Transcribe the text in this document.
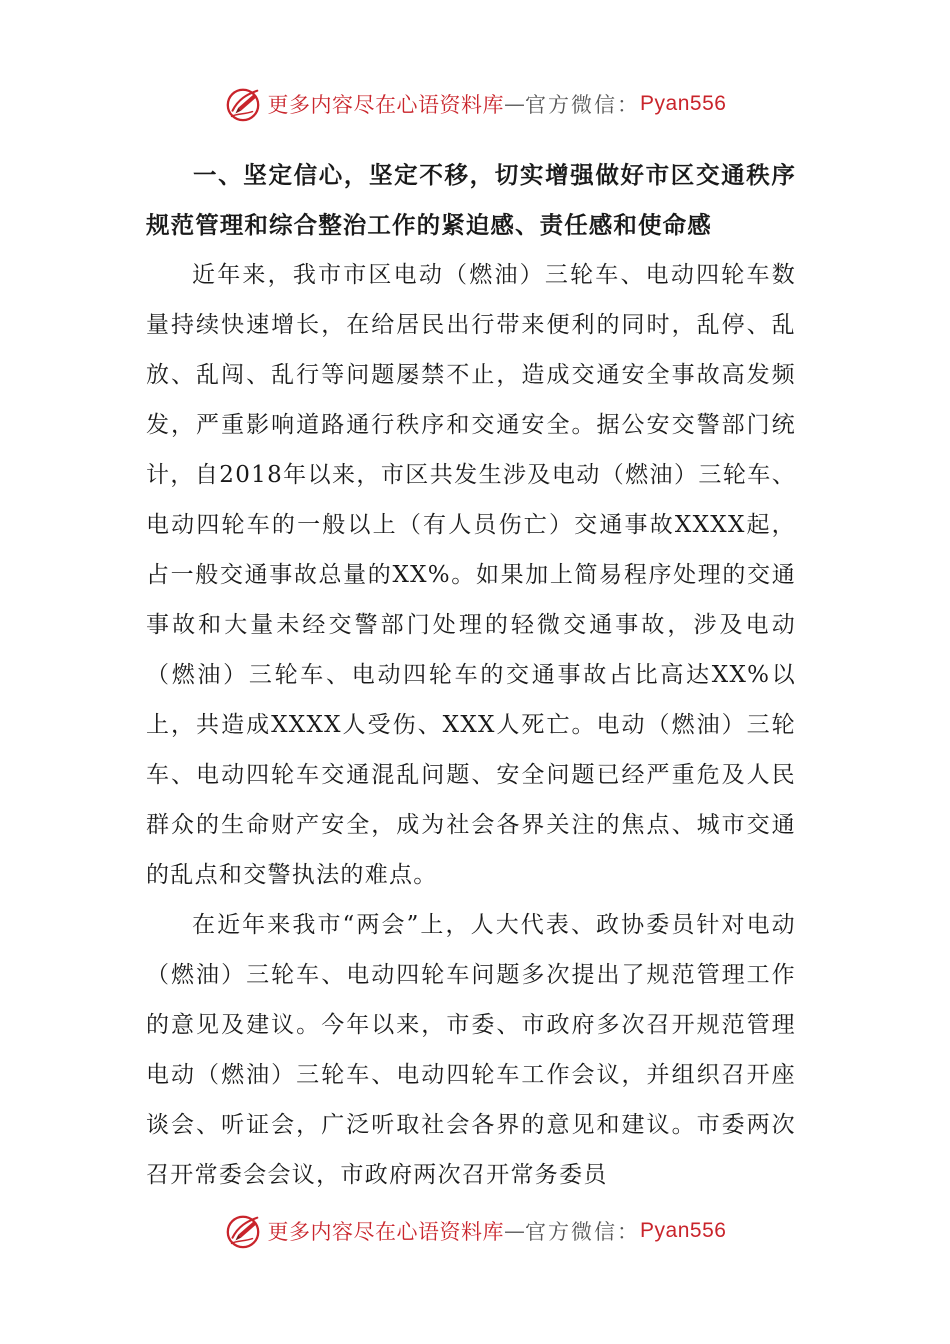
更多内容尽在心语资料库 — 官方微信： Pyan556

一、坚定信心，坚定不移，切实增强做好市区交通秩序规范管理和综合整治工作的紧迫感、责任感和使命感

近年来，我市市区电动（燃油）三轮车、电动四轮车数量持续快速增长，在给居民出行带来便利的同时，乱停、乱放、乱闯、乱行等问题屡禁不止，造成交通安全事故高发频发，严重影响道路通行秩序和交通安全。据公安交警部门统计，自2018年以来，市区共发生涉及电动（燃油）三轮车、电动四轮车的一般以上（有人员伤亡）交通事故XXXX起，占一般交通事故总量的XX%。如果加上简易程序处理的交通事故和大量未经交警部门处理的轻微交通事故，涉及电动（燃油）三轮车、电动四轮车的交通事故占比高达XX%以上，共造成XXXX人受伤、XXX人死亡。电动（燃油）三轮车、电动四轮车交通混乱问题、安全问题已经严重危及人民群众的生命财产安全，成为社会各界关注的焦点、城市交通的乱点和交警执法的难点。

在近年来我市“两会”上，人大代表、政协委员针对电动（燃油）三轮车、电动四轮车问题多次提出了规范管理工作的意见及建议。今年以来，市委、市政府多次召开规范管理电动（燃油）三轮车、电动四轮车工作会议，并组织召开座谈会、听证会，广泛听取社会各界的意见和建议。市委两次召开常委会会议，市政府两次召开常务委员

更多内容尽在心语资料库 — 官方微信： Pyan556
